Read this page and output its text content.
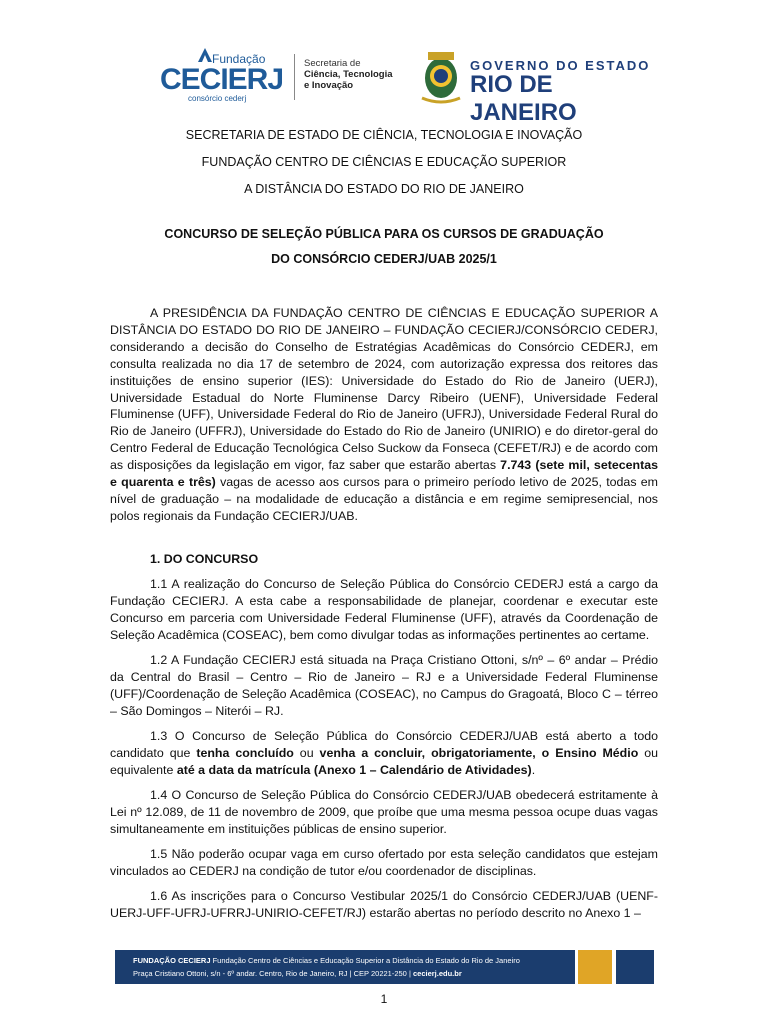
Fundação
CECIERJ
consórcio cederj
Secretaria de
Ciência, Tecnologia
e Inovação
GOVERNO DO ESTADO
RIO DE JANEIRO

SECRETARIA DE ESTADO DE CIÊNCIA, TECNOLOGIA E INOVAÇÃO

FUNDAÇÃO CENTRO DE CIÊNCIAS E EDUCAÇÃO SUPERIOR

A DISTÂNCIA DO ESTADO DO RIO DE JANEIRO

CONCURSO DE SELEÇÃO PÚBLICA PARA OS CURSOS DE GRADUAÇÃO

DO CONSÓRCIO CEDERJ/UAB 2025/1

A PRESIDÊNCIA DA FUNDAÇÃO CENTRO DE CIÊNCIAS E EDUCAÇÃO SUPERIOR A DISTÂNCIA DO ESTADO DO RIO DE JANEIRO – FUNDAÇÃO CECIERJ/CONSÓRCIO CEDERJ, considerando a decisão do Conselho de Estratégias Acadêmicas do Consórcio CEDERJ, em consulta realizada no dia 17 de setembro de 2024, com autorização expressa dos reitores das instituições de ensino superior (IES): Universidade do Estado do Rio de Janeiro (UERJ), Universidade Estadual do Norte Fluminense Darcy Ribeiro (UENF), Universidade Federal Fluminense (UFF), Universidade Federal do Rio de Janeiro (UFRJ), Universidade Federal Rural do Rio de Janeiro (UFFRJ), Universidade do Estado do Rio de Janeiro (UNIRIO) e do diretor-geral do Centro Federal de Educação Tecnológica Celso Suckow da Fonseca (CEFET/RJ) e de acordo com as disposições da legislação em vigor, faz saber que estarão abertas 7.743 (sete mil, setecentas e quarenta e três) vagas de acesso aos cursos para o primeiro período letivo de 2025, todas em nível de graduação – na modalidade de educação a distância e em regime semipresencial, nos polos regionais da Fundação CECIERJ/UAB.

1. DO CONCURSO

1.1 A realização do Concurso de Seleção Pública do Consórcio CEDERJ está a cargo da Fundação CECIERJ. A esta cabe a responsabilidade de planejar, coordenar e executar este Concurso em parceria com Universidade Federal Fluminense (UFF), através da Coordenação de Seleção Acadêmica (COSEAC), bem como divulgar todas as informações pertinentes ao certame.

1.2 A Fundação CECIERJ está situada na Praça Cristiano Ottoni, s/nº – 6º andar – Prédio da Central do Brasil – Centro – Rio de Janeiro – RJ e a Universidade Federal Fluminense (UFF)/Coordenação de Seleção Acadêmica (COSEAC), no Campus do Gragoatá, Bloco C – térreo – São Domingos – Niterói – RJ.

1.3 O Concurso de Seleção Pública do Consórcio CEDERJ/UAB está aberto a todo candidato que tenha concluído ou venha a concluir, obrigatoriamente, o Ensino Médio ou equivalente até a data da matrícula (Anexo 1 – Calendário de Atividades).

1.4 O Concurso de Seleção Pública do Consórcio CEDERJ/UAB obedecerá estritamente à Lei nº 12.089, de 11 de novembro de 2009, que proíbe que uma mesma pessoa ocupe duas vagas simultaneamente em instituições públicas de ensino superior.

1.5 Não poderão ocupar vaga em curso ofertado por esta seleção candidatos que estejam vinculados ao CEDERJ na condição de tutor e/ou coordenador de disciplinas.

1.6 As inscrições para o Concurso Vestibular 2025/1 do Consórcio CEDERJ/UAB (UENF-UERJ-UFF-UFRJ-UFRRJ-UNIRIO-CEFET/RJ) estarão abertas no período descrito no Anexo 1 –

FUNDAÇÃO CECIERJ Fundação Centro de Ciências e Educação Superior a Distância do Estado do Rio de Janeiro
Praça Cristiano Ottoni, s/n - 6º andar. Centro, Rio de Janeiro, RJ | CEP 20221-250 | cecierj.edu.br
1
